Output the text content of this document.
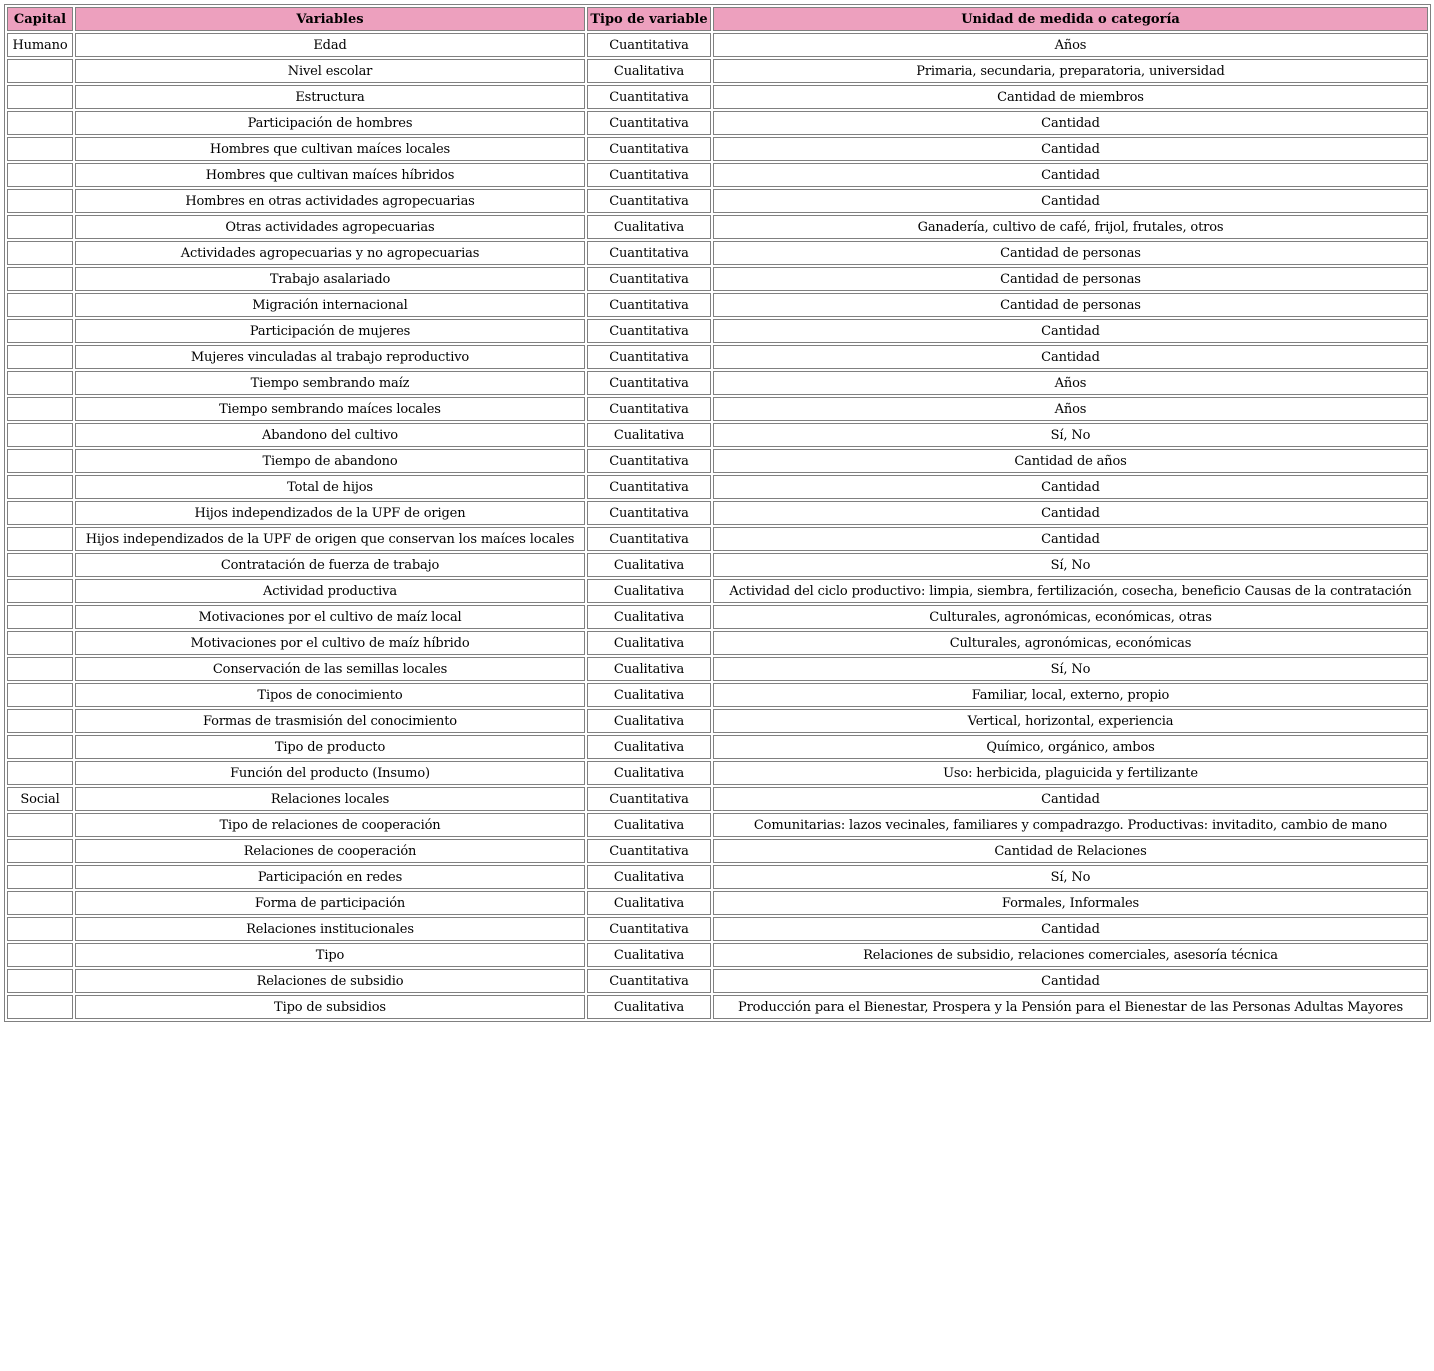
Capital	Variables	Tipo de variable	Unidad de medida o categoría
Humano	Edad	Cuantitativa	Años
	Nivel escolar	Cualitativa	Primaria, secundaria, preparatoria, universidad
	Estructura	Cuantitativa	Cantidad de miembros
	Participación de hombres	Cuantitativa	Cantidad
	Hombres que cultivan maíces locales	Cuantitativa	Cantidad
	Hombres que cultivan maíces híbridos	Cuantitativa	Cantidad
	Hombres en otras actividades agropecuarias	Cuantitativa	Cantidad
	Otras actividades agropecuarias	Cualitativa	Ganadería, cultivo de café, frijol, frutales, otros
	Actividades agropecuarias y no agropecuarias	Cuantitativa	Cantidad de personas
	Trabajo asalariado	Cuantitativa	Cantidad de personas
	Migración internacional	Cuantitativa	Cantidad de personas
	Participación de mujeres	Cuantitativa	Cantidad
	Mujeres vinculadas al trabajo reproductivo	Cuantitativa	Cantidad
	Tiempo sembrando maíz	Cuantitativa	Años
	Tiempo sembrando maíces locales	Cuantitativa	Años
	Abandono del cultivo	Cualitativa	Sí, No
	Tiempo de abandono	Cuantitativa	Cantidad de años
	Total de hijos	Cuantitativa	Cantidad
	Hijos independizados de la UPF de origen	Cuantitativa	Cantidad
	Hijos independizados de la UPF de origen que conservan los maíces locales	Cuantitativa	Cantidad
	Contratación de fuerza de trabajo	Cualitativa	Sí, No
	Actividad productiva	Cualitativa	Actividad del ciclo productivo: limpia, siembra, fertilización, cosecha, beneficio Causas de la contratación
	Motivaciones por el cultivo de maíz local	Cualitativa	Culturales, agronómicas, económicas, otras
	Motivaciones por el cultivo de maíz híbrido	Cualitativa	Culturales, agronómicas, económicas
	Conservación de las semillas locales	Cualitativa	Sí, No
	Tipos de conocimiento	Cualitativa	Familiar, local, externo, propio
	Formas de trasmisión del conocimiento	Cualitativa	Vertical, horizontal, experiencia
	Tipo de producto	Cualitativa	Químico, orgánico, ambos
	Función del producto (Insumo)	Cualitativa	Uso: herbicida, plaguicida y fertilizante
Social	Relaciones locales	Cuantitativa	Cantidad
	Tipo de relaciones de cooperación	Cualitativa	Comunitarias: lazos vecinales, familiares y compadrazgo. Productivas: invitadito, cambio de mano
	Relaciones de cooperación	Cuantitativa	Cantidad de Relaciones
	Participación en redes	Cualitativa	Sí, No
	Forma de participación	Cualitativa	Formales, Informales
	Relaciones institucionales	Cuantitativa	Cantidad
	Tipo	Cualitativa	Relaciones de subsidio, relaciones comerciales, asesoría técnica
	Relaciones de subsidio	Cuantitativa	Cantidad
	Tipo de subsidios	Cualitativa	Producción para el Bienestar, Prospera y la Pensión para el Bienestar de las Personas Adultas Mayores
